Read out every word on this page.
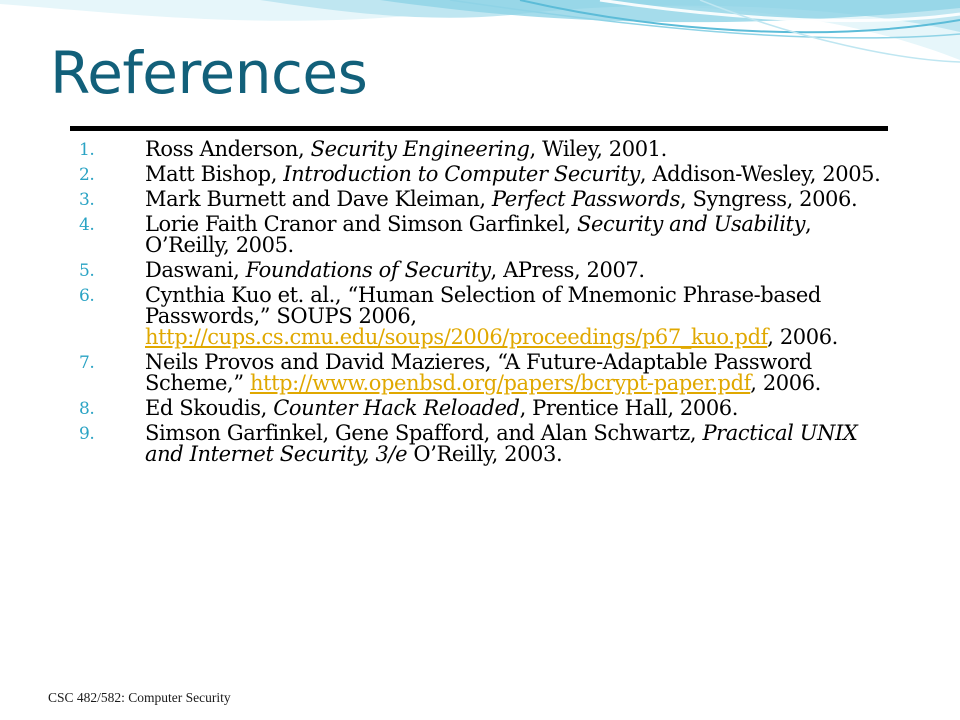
References
1. Ross Anderson, Security Engineering, Wiley, 2001.
2. Matt Bishop, Introduction to Computer Security, Addison-Wesley, 2005.
3. Mark Burnett and Dave Kleiman, Perfect Passwords, Syngress, 2006.
4. Lorie Faith Cranor and Simson Garfinkel, Security and Usability, O’Reilly, 2005.
5. Daswani, Foundations of Security, APress, 2007.
6. Cynthia Kuo et. al., “Human Selection of Mnemonic Phrase-based Passwords,” SOUPS 2006, http://cups.cs.cmu.edu/soups/2006/proceedings/p67_kuo.pdf, 2006.
7. Neils Provos and David Mazieres, “A Future-Adaptable Password Scheme,” http://www.openbsd.org/papers/bcrypt-paper.pdf, 2006.
8. Ed Skoudis, Counter Hack Reloaded, Prentice Hall, 2006.
9. Simson Garfinkel, Gene Spafford, and Alan Schwartz, Practical UNIX and Internet Security, 3/e O’Reilly, 2003.

CSC 482/582: Computer Security
